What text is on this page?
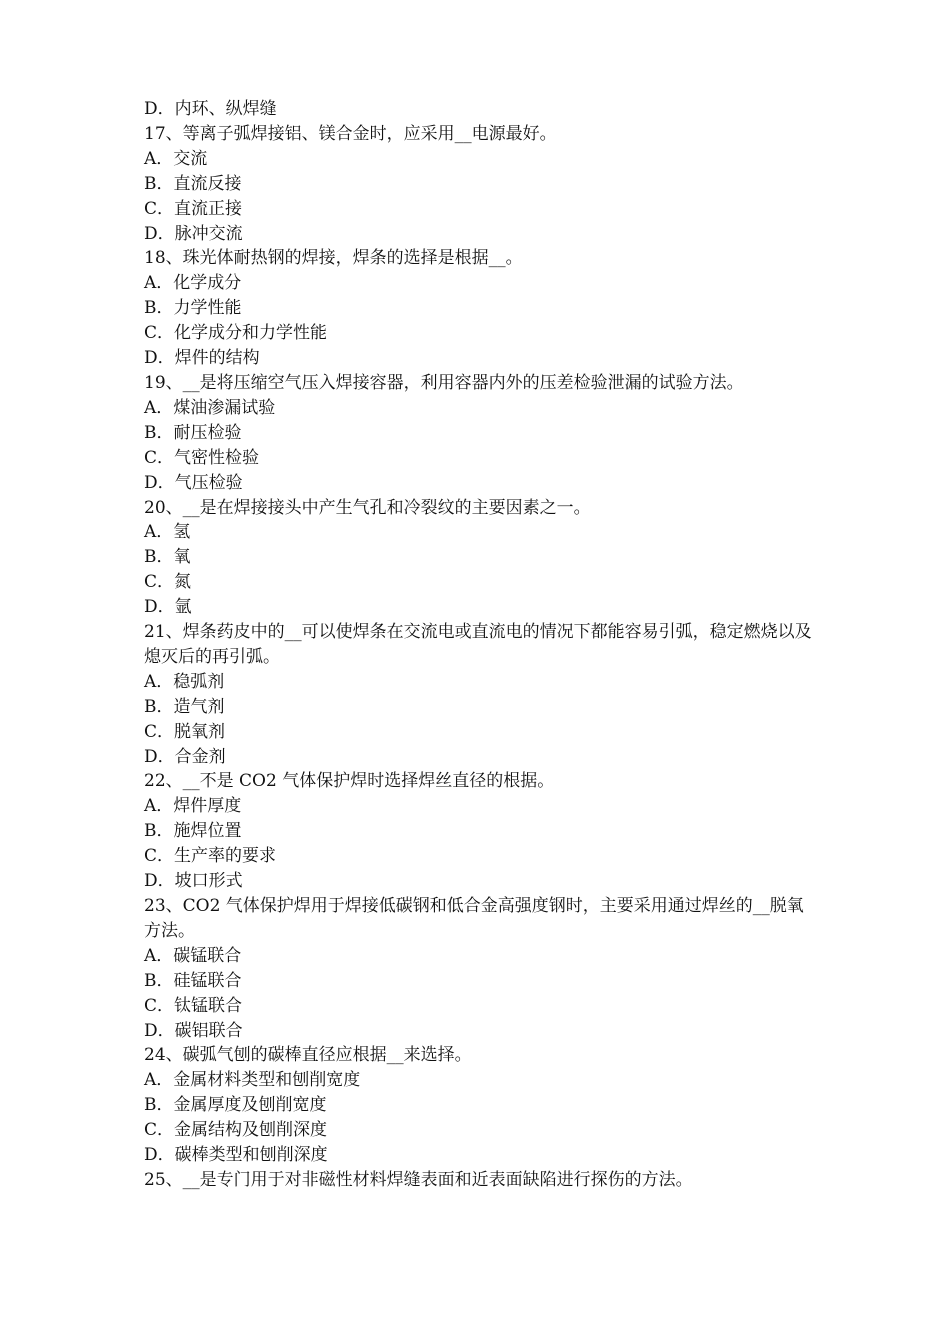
D．内环、纵焊缝
17、等离子弧焊接铝、镁合金时，应采用__电源最好。
A．交流
B．直流反接
C．直流正接
D．脉冲交流
18、珠光体耐热钢的焊接，焊条的选择是根据__。
A．化学成分
B．力学性能
C．化学成分和力学性能
D．焊件的结构
19、__是将压缩空气压入焊接容器，利用容器内外的压差检验泄漏的试验方法。
A．煤油渗漏试验
B．耐压检验
C．气密性检验
D．气压检验
20、__是在焊接接头中产生气孔和冷裂纹的主要因素之一。
A．氢
B．氧
C．氮
D．氩
21、焊条药皮中的__可以使焊条在交流电或直流电的情况下都能容易引弧，稳定燃烧以及熄灭后的再引弧。
A．稳弧剂
B．造气剂
C．脱氧剂
D．合金剂
22、__不是 CO2 气体保护焊时选择焊丝直径的根据。
A．焊件厚度
B．施焊位置
C．生产率的要求
D．坡口形式
23、CO2 气体保护焊用于焊接低碳钢和低合金高强度钢时，主要采用通过焊丝的__脱氧方法。
A．碳锰联合
B．硅锰联合
C．钛锰联合
D．碳铝联合
24、碳弧气刨的碳棒直径应根据__来选择。
A．金属材料类型和刨削宽度
B．金属厚度及刨削宽度
C．金属结构及刨削深度
D．碳棒类型和刨削深度
25、__是专门用于对非磁性材料焊缝表面和近表面缺陷进行探伤的方法。
